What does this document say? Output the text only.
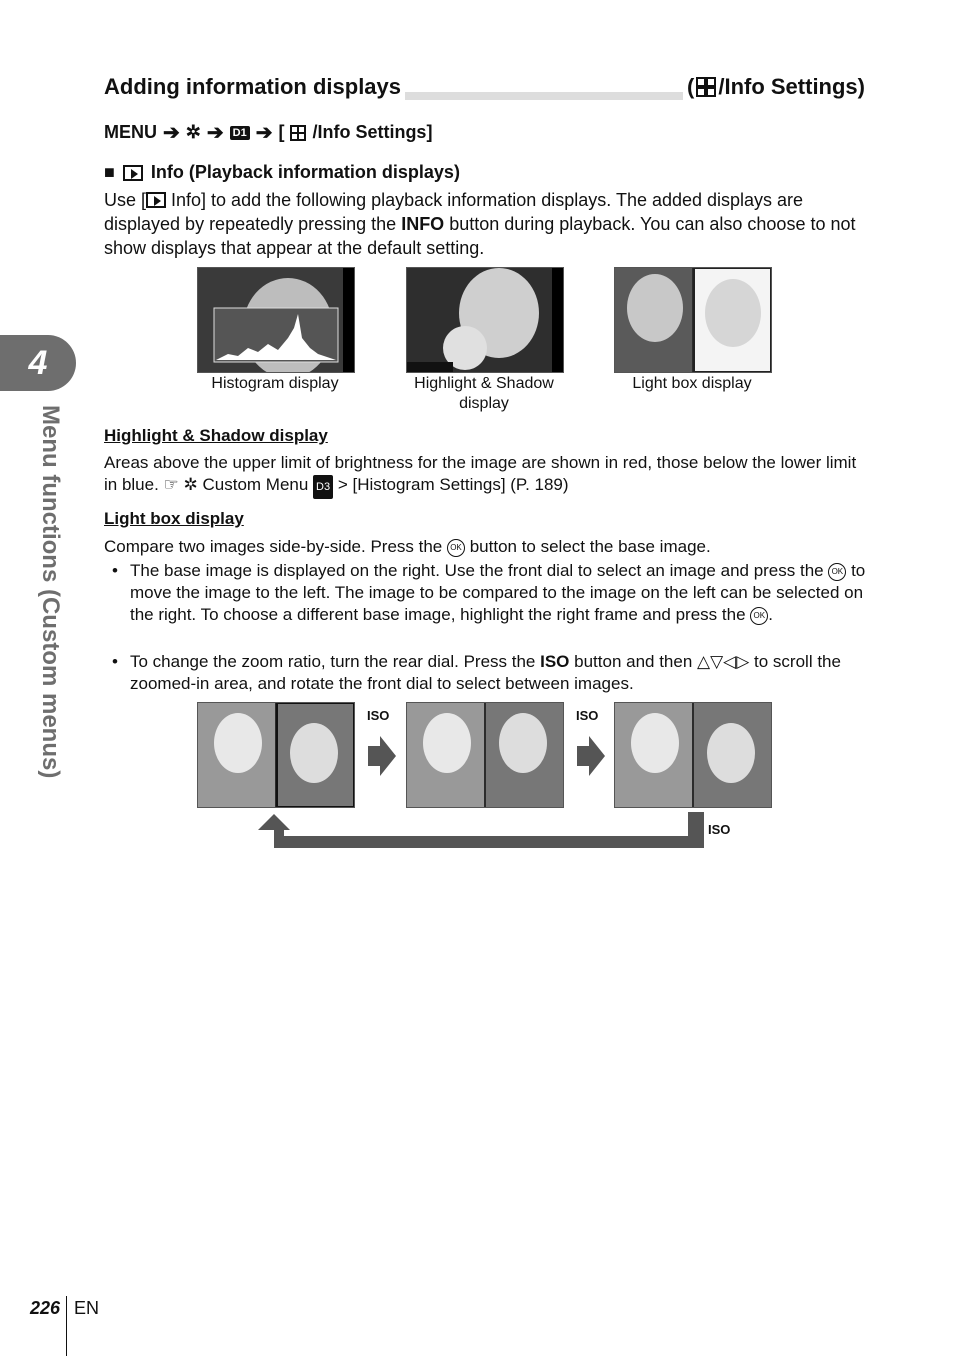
4
Menu functions (Custom menus)
Adding information displays	( /Info Settings)
MENU ➔ ✲ ➔ D1 ➔ [ /Info Settings]
■ Info (Playback information displays)
Use [ Info] to add the following playback information displays. The added displays are displayed by repeatedly pressing the INFO button during playback. You can also choose to not show displays that appear at the default setting.
Histogram display	Highlight & Shadow display
Light box display
Highlight & Shadow display
Areas above the upper limit of brightness for the image are shown in red, those below the lower limit in blue. ☞ ✲ Custom Menu D3 > [Histogram Settings] (P. 189)
Light box display
Compare two images side-by-side. Press the OK button to select the base image.
• The base image is displayed on the right. Use the front dial to select an image and press the OK to move the image to the left. The image to be compared to the image on the left can be selected on the right. To choose a different base image, highlight the right frame and press the OK .
• To change the zoom ratio, turn the rear dial. Press the ISO button and then △▽◁▷ to scroll the zoomed-in area, and rotate the front dial to select between images.
ISO	ISO
ISO
226 EN
